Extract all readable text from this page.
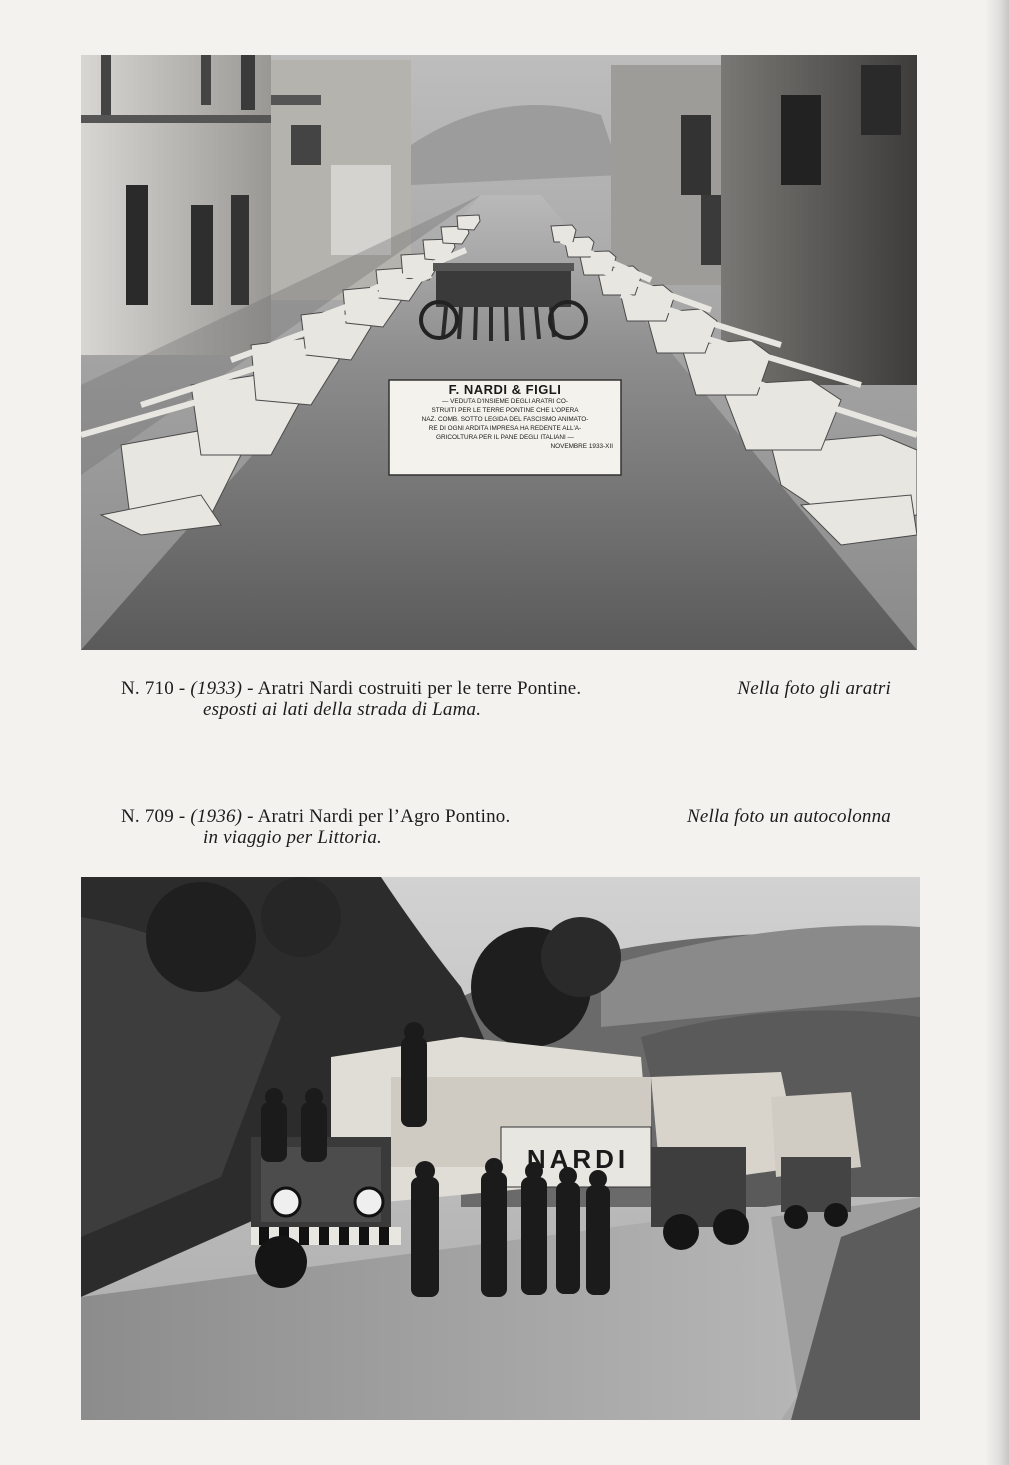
F. NARDI & FIGLI
— VEDUTA D'INSIEME DEGLI ARATRI CO-
STRUITI PER LE TERRE PONTINE CHE L'OPERA
NAZ. COMB. SOTTO LEGIDA DEL FASCISMO ANIMATO-
RE DI OGNI ARDITA IMPRESA HA REDENTE ALL'A-
GRICOLTURA PER IL PANE DEGLI ITALIANI —
NOVEMBRE 1933-XII
N. 710 - (1933) - Aratri Nardi costruiti per le terre Pontine.	Nella foto gli aratri
esposti ai lati della strada di Lama.
N. 709 - (1936) - Aratri Nardi per l’Agro Pontino.	Nella foto un autocolonna
in viaggio per Littoria.
NARDI
